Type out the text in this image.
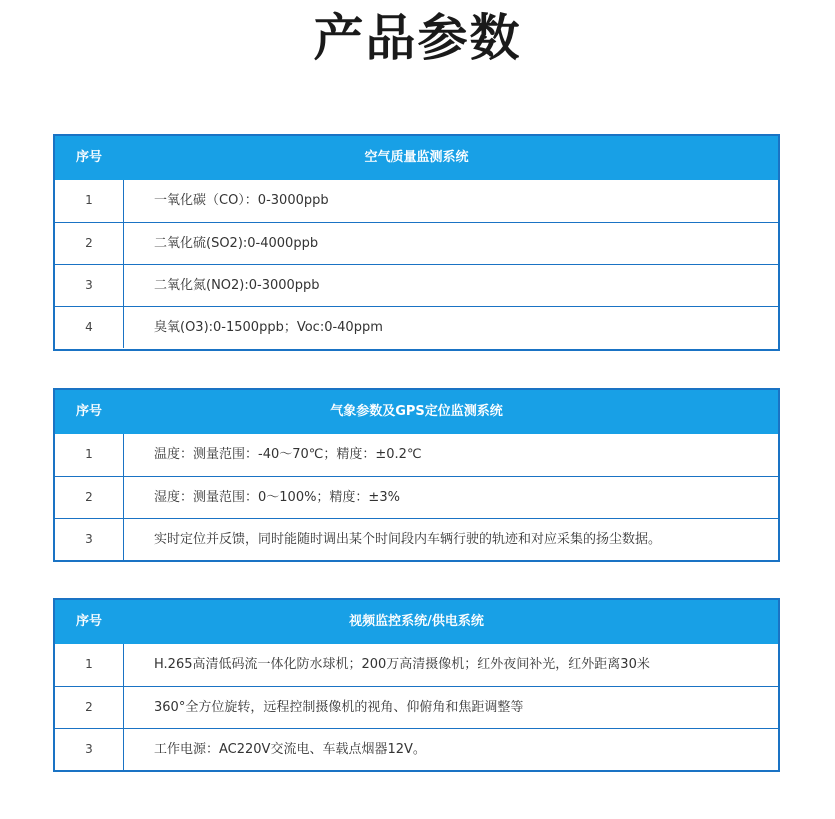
产品参数
序号	空气质量监测系统
1	一氧化碳（CO）：0-3000ppb
2	二氧化硫(SO2):0-4000ppb
3	二氧化氮(NO2):0-3000ppb
4	臭氧(O3):0-1500ppb；Voc:0-40ppm
序号	气象参数及GPS定位监测系统
1	温度：测量范围：-40～70℃；精度：±0.2℃
2	湿度：测量范围：0～100%；精度：±3%
3	实时定位并反馈，同时能随时调出某个时间段内车辆行驶的轨迹和对应采集的扬尘数据。
序号	视频监控系统/供电系统
1	H.265高清低码流一体化防水球机；200万高清摄像机；红外夜间补光，红外距离30米
2	360°全方位旋转，远程控制摄像机的视角、仰俯角和焦距调整等
3	工作电源：AC220V交流电、车载点烟器12V。
